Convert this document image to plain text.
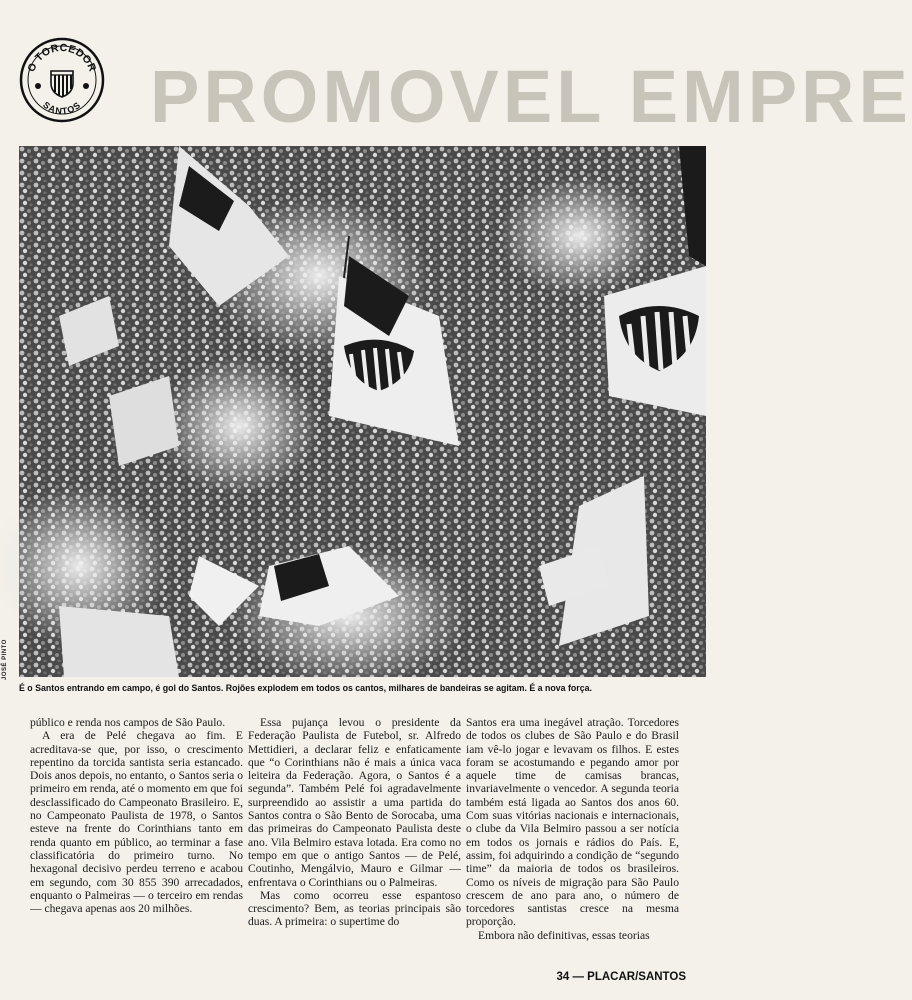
O TORCEDOR
SANTOS PROMOVEL EMPRE
JOSÉ PINTO
É o Santos entrando em campo, é gol do Santos. Rojões explodem em todos os cantos, milhares de bandeiras se agitam. É a nova força.

público e renda nos campos de São Paulo.

A era de Pelé chegava ao fim. E acreditava-se que, por isso, o crescimento repentino da torcida santista seria estancado. Dois anos depois, no entanto, o Santos seria o primeiro em renda, até o momento em que foi desclassificado do Campeonato Brasileiro. E, no Campeonato Paulista de 1978, o Santos esteve na frente do Corinthians tanto em renda quanto em público, ao terminar a fase classificatória do primeiro turno. No hexagonal decisivo perdeu terreno e acabou em segundo, com 30 855 390 arrecadados, enquanto o Palmeiras — o terceiro em rendas — chegava apenas aos 20 milhões.

Essa pujança levou o presidente da Federação Paulista de Futebol, sr. Alfredo Mettidieri, a declarar feliz e enfaticamente que “o Corinthians não é mais a única vaca leiteira da Federação. Agora, o Santos é a segunda”. Também Pelé foi agradavelmente surpreendido ao assistir a uma partida do Santos contra o São Bento de Sorocaba, uma das primeiras do Campeonato Paulista deste ano. Vila Belmiro estava lotada. Era como no tempo em que o antigo Santos — de Pelé, Coutinho, Mengálvio, Mauro e Gilmar — enfrentava o Corinthians ou o Palmeiras.

Mas como ocorreu esse espantoso crescimento? Bem, as teorias principais são duas. A primeira: o supertime do

Santos era uma inegável atração. Torcedores de todos os clubes de São Paulo e do Brasil iam vê-lo jogar e levavam os filhos. E estes foram se acostumando e pegando amor por aquele time de camisas brancas, invariavelmente o vencedor. A segunda teoria também está ligada ao Santos dos anos 60. Com suas vitórias nacionais e internacionais, o clube da Vila Belmiro passou a ser notícia em todos os jornais e rádios do País. E, assim, foi adquirindo a condição de “segundo time” da maioria de todos os brasileiros. Como os níveis de migração para São Paulo crescem de ano para ano, o número de torcedores santistas cresce na mesma proporção.

Embora não definitivas, essas teorias

34 — PLACAR/SANTOS
